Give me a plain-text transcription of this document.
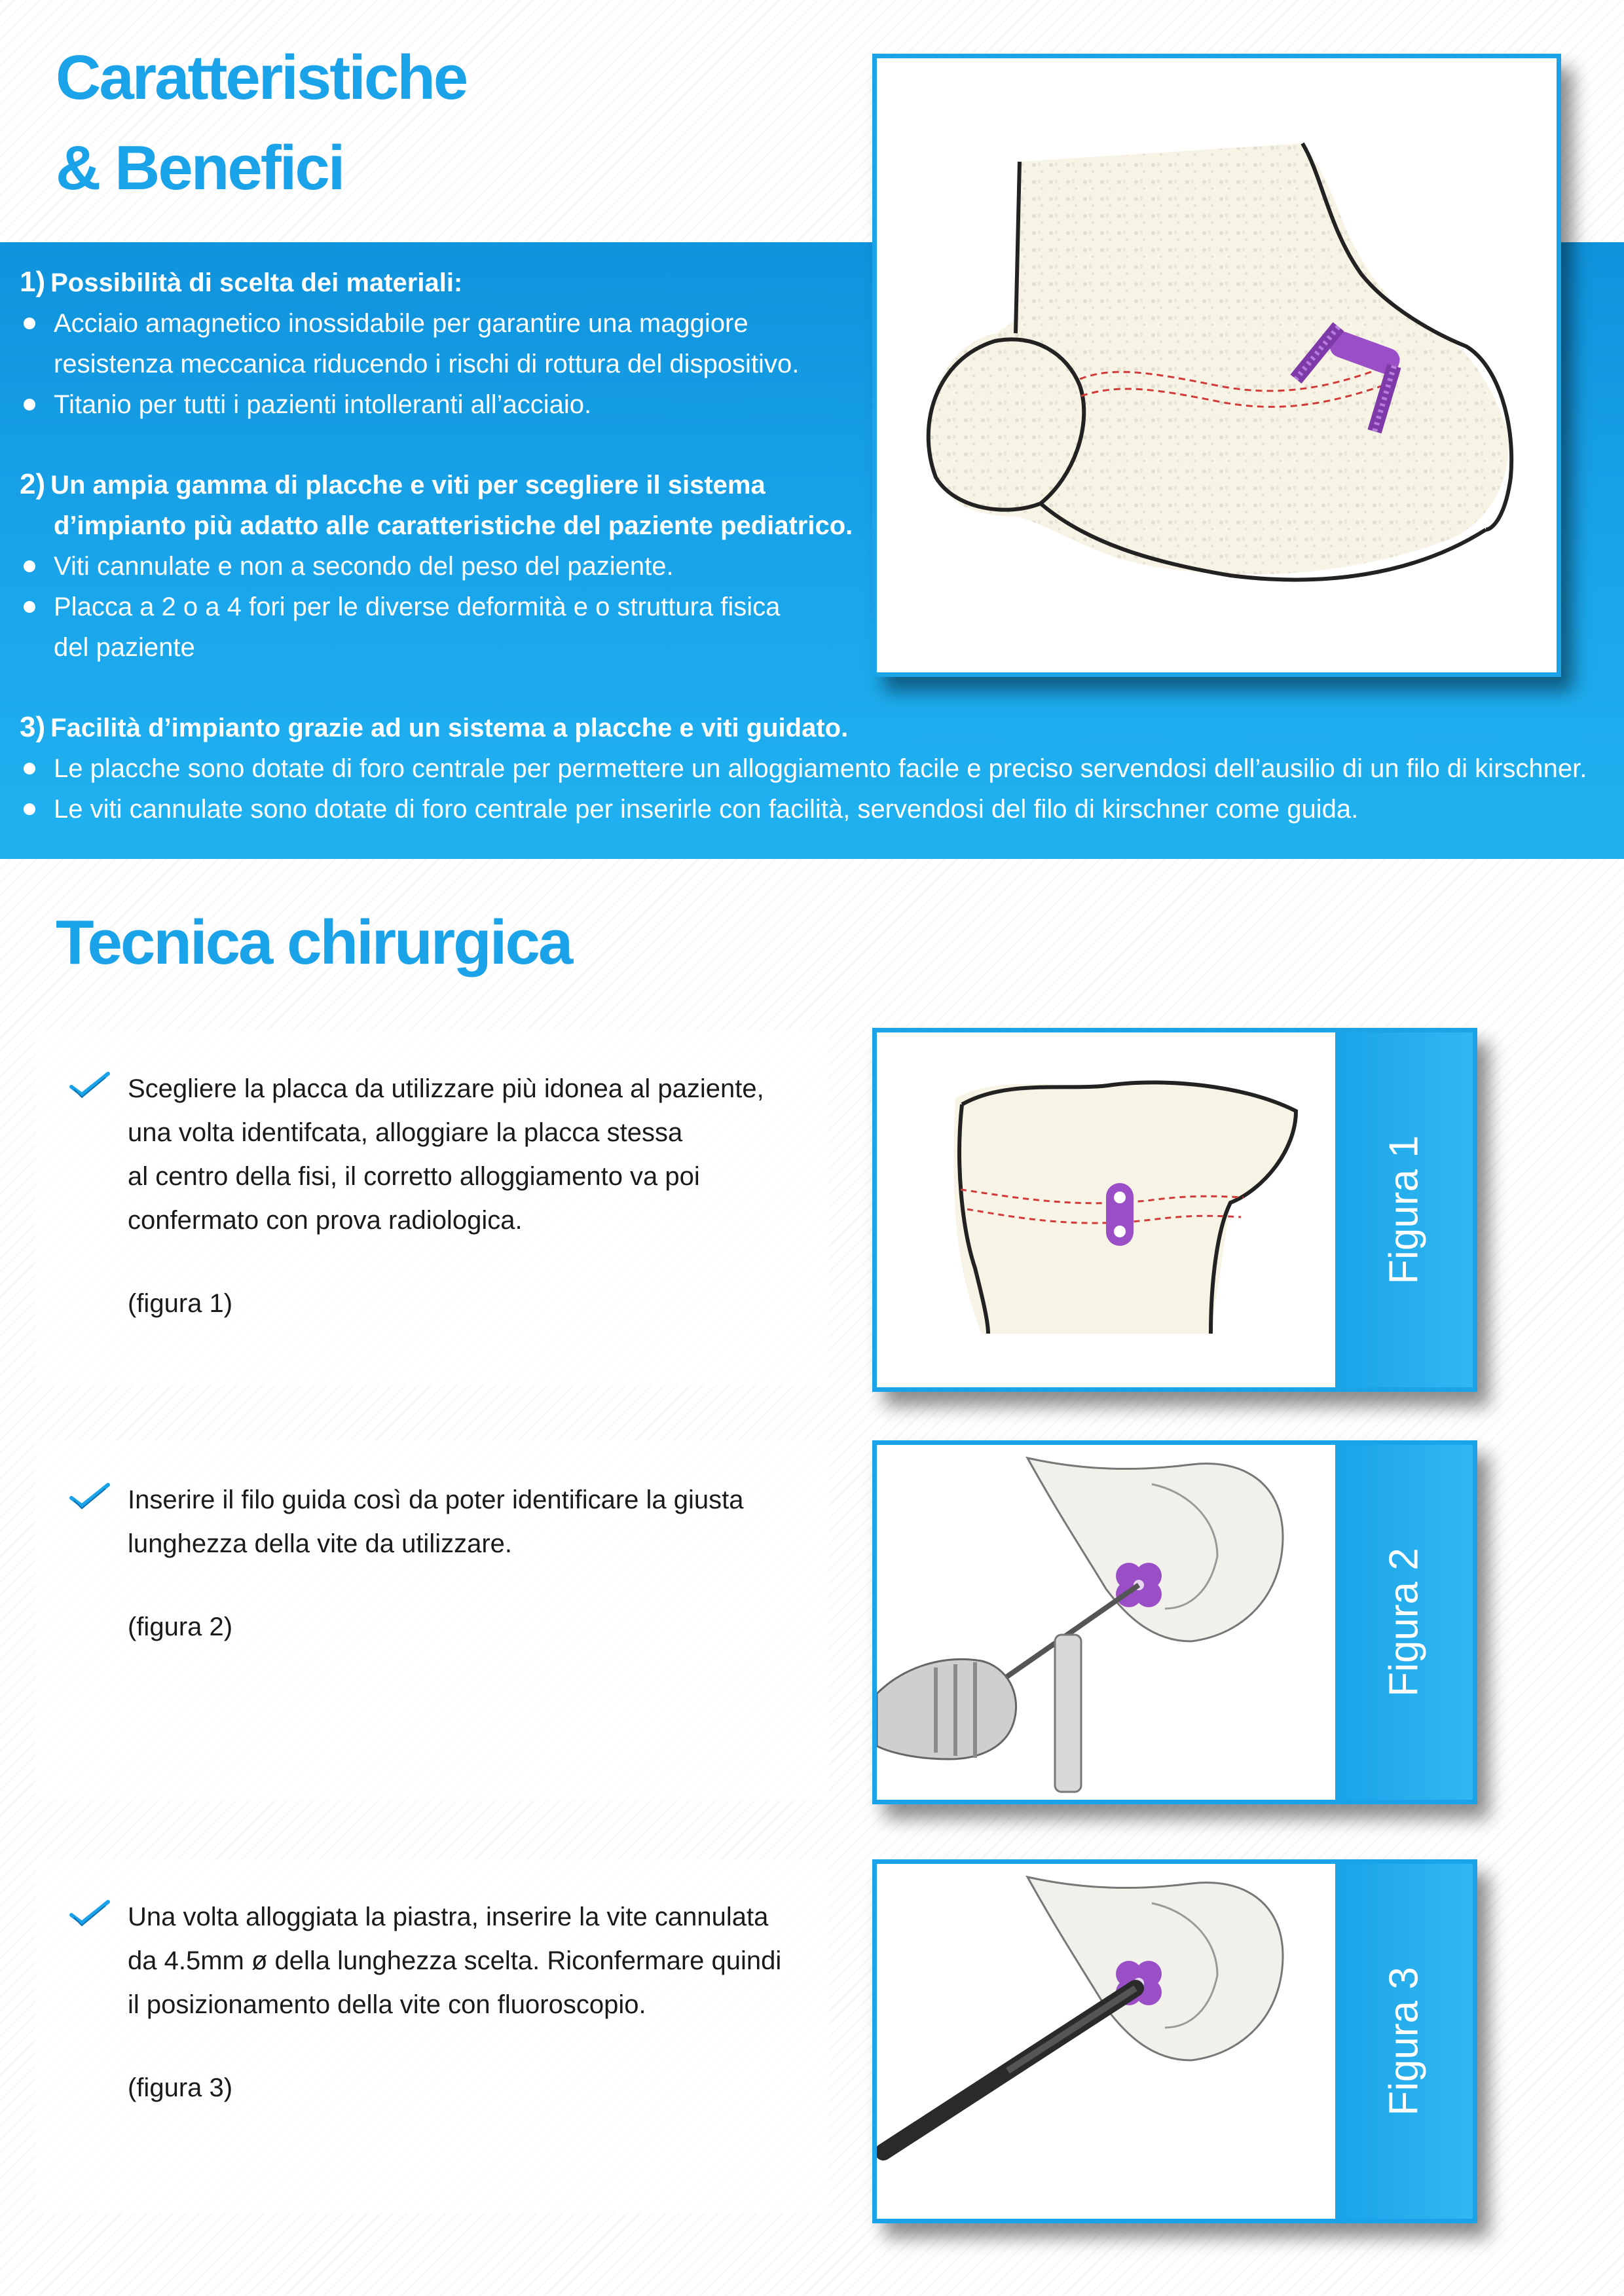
Caratteristiche
& Benefici
1) Possibilità di scelta dei materiali:
Acciaio amagnetico inossidabile per garantire una maggiore
resistenza meccanica riducendo i rischi di rottura del dispositivo.
Titanio per tutti i pazienti intolleranti all’acciaio.
2) Un ampia gamma di placche e viti per scegliere il sistema
d’impianto più adatto alle caratteristiche del paziente pediatrico.
Viti cannulate e non a secondo del peso del paziente.
Placca a 2 o a 4 fori per le diverse deformità e o struttura fisica
del paziente
3) Facilità d’impianto grazie ad un sistema a placche e viti guidato.
Le placche sono dotate di foro centrale per permettere un alloggiamento facile e preciso servendosi dell’ausilio di un filo di kirschner.
Le viti cannulate sono dotate di foro centrale per inserirle con facilità, servendosi del filo di kirschner come guida.
Tecnica chirurgica
Scegliere la placca da utilizzare più idonea al paziente,
una volta identifcata, alloggiare la placca stessa
al centro della fisi, il corretto alloggiamento va poi
confermato con prova radiologica.
(figura 1)
Figura 1
Inserire il filo guida così da poter identificare la giusta
lunghezza della vite da utilizzare.
(figura 2)	Figura 2
Una volta alloggiata la piastra, inserire la vite cannulata
da 4.5mm ø della lunghezza scelta. Riconfermare quindi
il posizionamento della vite con fluoroscopio.
(figura 3)	Figura 3
